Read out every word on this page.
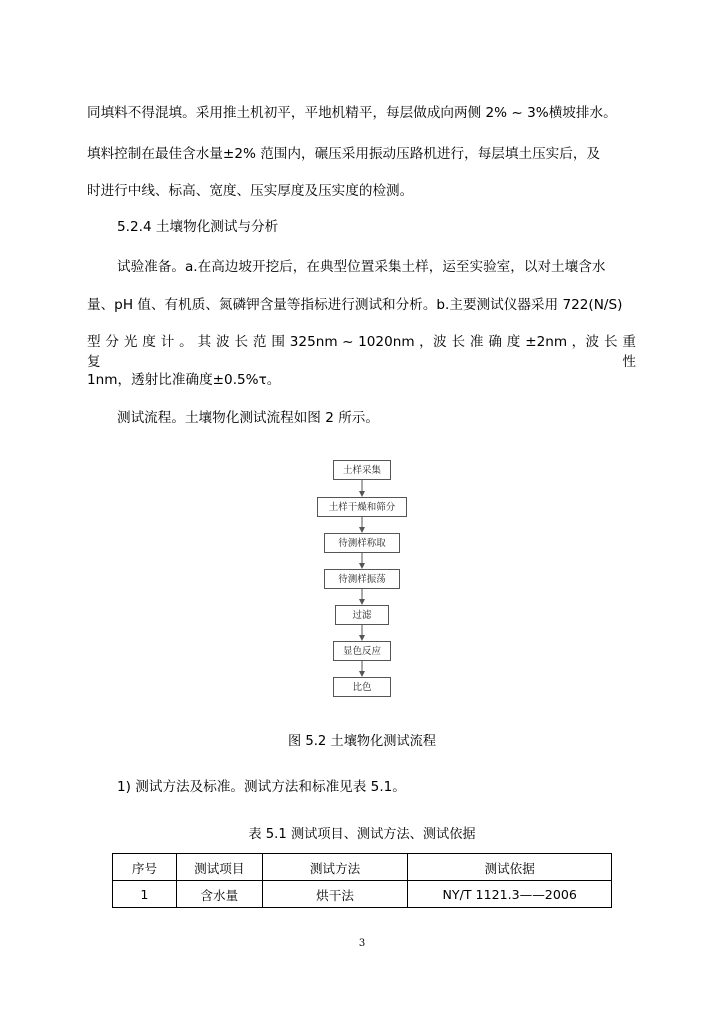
同填料不得混填。采用推土机初平，平地机精平，每层做成向两侧 2% ~ 3%横坡排水。
填料控制在最佳含水量±2% 范围内，碾压采用振动压路机进行，每层填土压实后，及
时进行中线、标高、宽度、压实厚度及压实度的检测。
5.2.4 土壤物化测试与分析
试验准备。a.在高边坡开挖后，在典型位置采集土样，运至实验室，以对土壤含水
量、pH 值、有机质、氮磷钾含量等指标进行测试和分析。b.主要测试仪器采用 722(N/S)
型 分 光 度 计 。 其 波 长 范 围 325nm ~ 1020nm ，波 长 准 确 度 ±2nm ，波 长 重 复 性
1nm，透射比准确度±0.5%τ。
测试流程。土壤物化测试流程如图 2 所示。
土样采集
土样干燥和筛分
待测样称取
待测样振荡
过滤
显色反应
比色
图 5.2 土壤物化测试流程
1) 测试方法及标准。测试方法和标准见表 5.1。
表 5.1 测试项目、测试方法、测试依据
序号	测试项目	测试方法	测试依据
1	含水量	烘干法	NY/T 1121.3——2006
3
